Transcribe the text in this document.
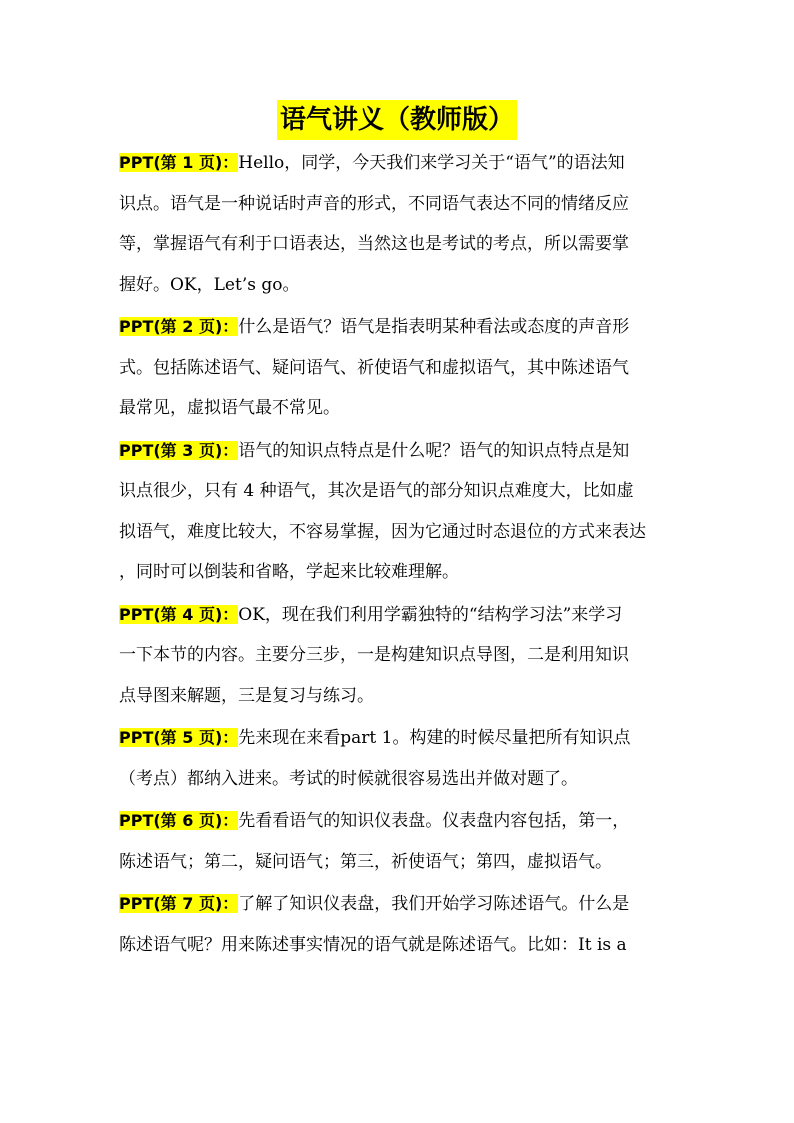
语气讲义（教师版）
PPT(第 1 页)：Hello，同学，今天我们来学习关于“语气”的语法知
识点。语气是一种说话时声音的形式，不同语气表达不同的情绪反应
等，掌握语气有利于口语表达，当然这也是考试的考点，所以需要掌
握好。OK，Let’s go。
PPT(第 2 页)：什么是语气？语气是指表明某种看法或态度的声音形
式。包括陈述语气、疑问语气、祈使语气和虚拟语气，其中陈述语气
最常见，虚拟语气最不常见。
PPT(第 3 页)：语气的知识点特点是什么呢？语气的知识点特点是知
识点很少，只有 4 种语气，其次是语气的部分知识点难度大，比如虚
拟语气，难度比较大，不容易掌握，因为它通过时态退位的方式来表达
，同时可以倒装和省略，学起来比较难理解。
PPT(第 4 页)：OK，现在我们利用学霸独特的“结构学习法”来学习
一下本节的内容。主要分三步，一是构建知识点导图，二是利用知识
点导图来解题，三是复习与练习。
PPT(第 5 页)：先来现在来看part 1。构建的时候尽量把所有知识点
（考点）都纳入进来。考试的时候就很容易选出并做对题了。
PPT(第 6 页)：先看看语气的知识仪表盘。仪表盘内容包括，第一，
陈述语气；第二，疑问语气；第三，祈使语气；第四，虚拟语气。
PPT(第 7 页)：了解了知识仪表盘，我们开始学习陈述语气。什么是
陈述语气呢？用来陈述事实情况的语气就是陈述语气。比如：It is a
